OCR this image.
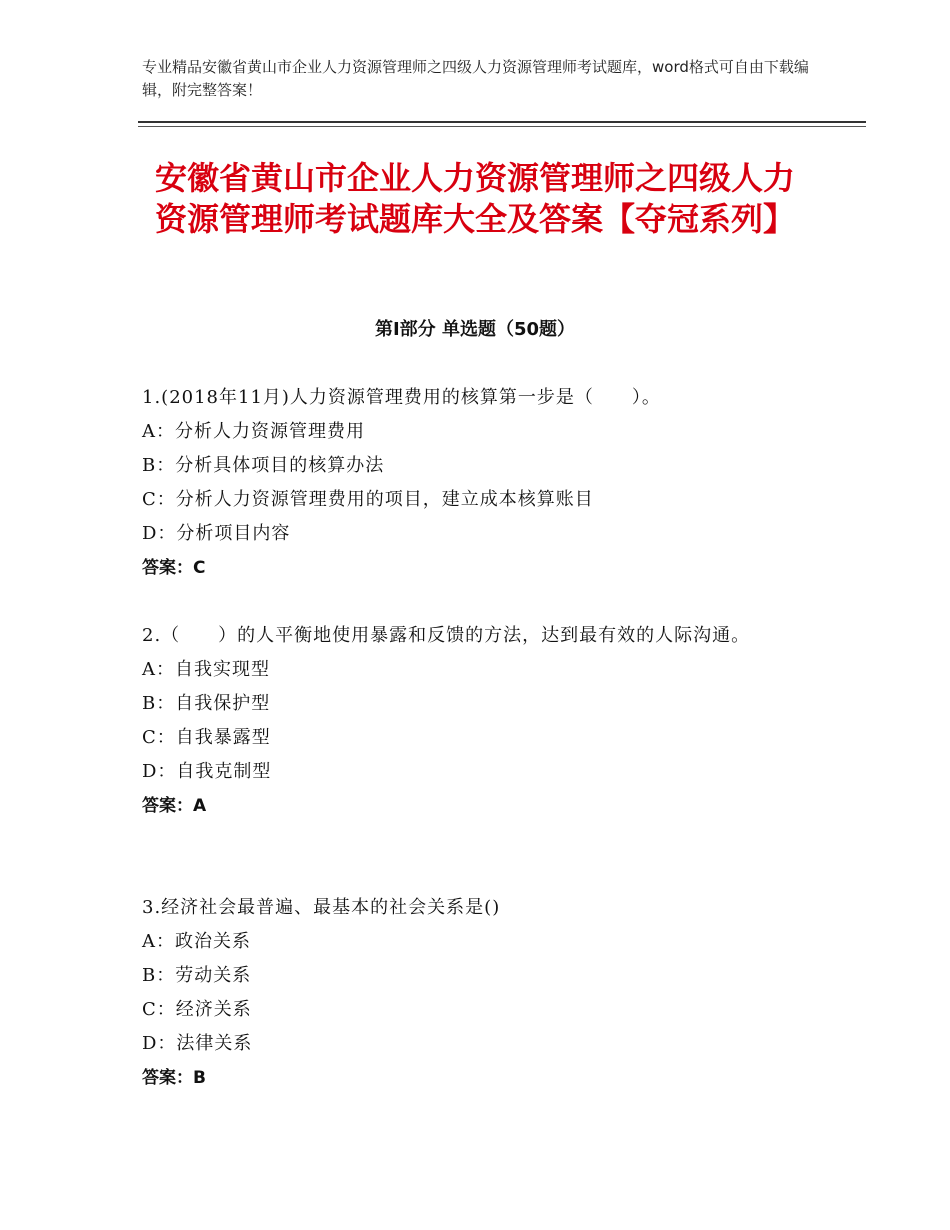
专业精品安徽省黄山市企业人力资源管理师之四级人力资源管理师考试题库，word格式可自由下载编辑，附完整答案！
安徽省黄山市企业人力资源管理师之四级人力资源管理师考试题库大全及答案【夺冠系列】
第Ⅰ部分 单选题（50题）
1.(2018年11月)人力资源管理费用的核算第一步是（　　）。
A：分析人力资源管理费用
B：分析具体项目的核算办法
C：分析人力资源管理费用的项目，建立成本核算账目
D：分析项目内容
答案：C
2.（　　）的人平衡地使用暴露和反馈的方法，达到最有效的人际沟通。
A：自我实现型
B：自我保护型
C：自我暴露型
D：自我克制型
答案：A
3.经济社会最普遍、最基本的社会关系是()
A：政治关系
B：劳动关系
C：经济关系
D：法律关系
答案：B
